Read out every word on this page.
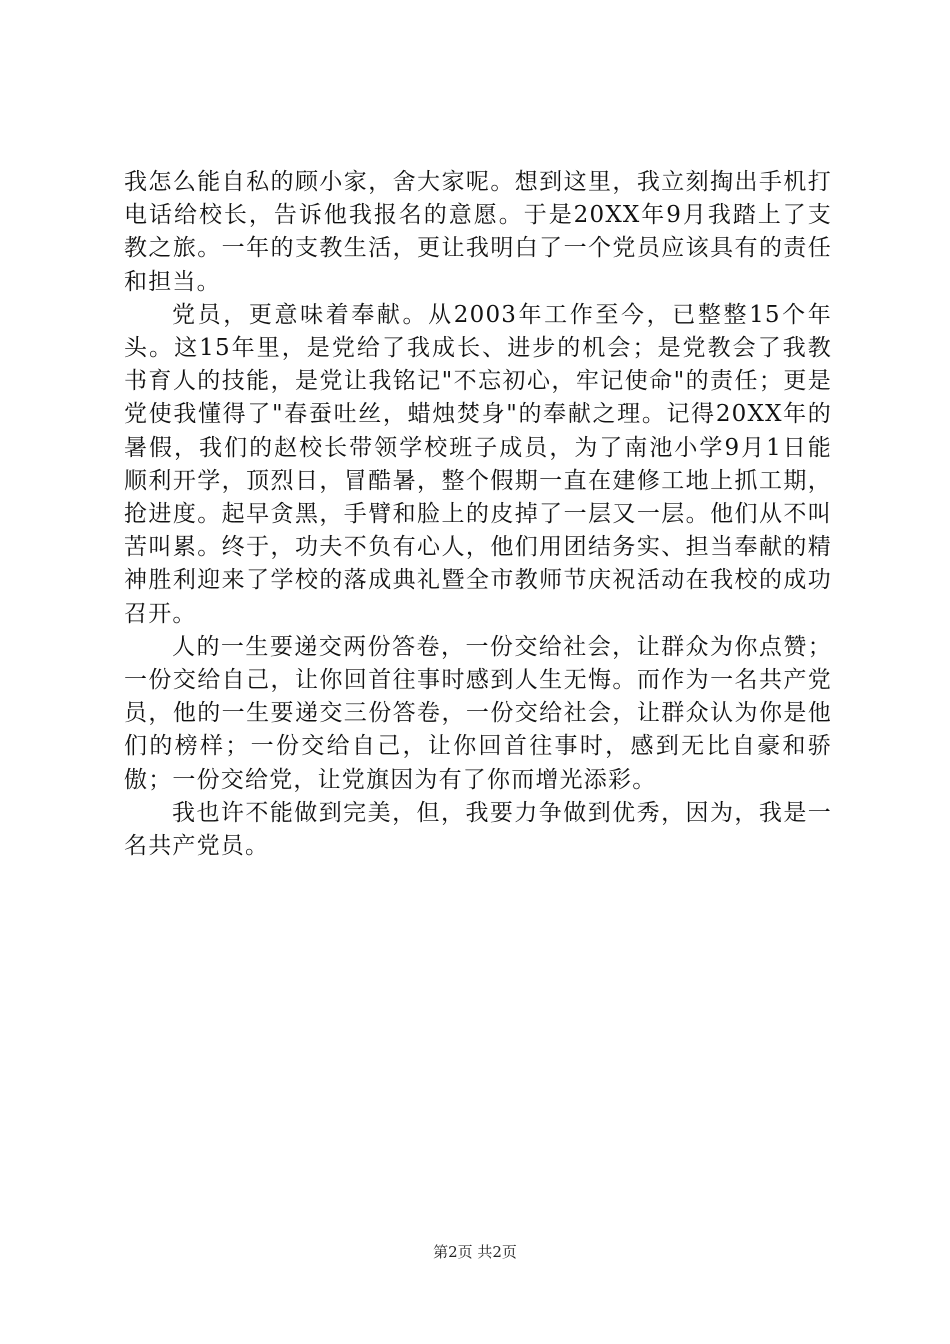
我怎么能自私的顾小家，舍大家呢。想到这里，我立刻掏出手机打电话给校长，告诉他我报名的意愿。于是20XX年9月我踏上了支教之旅。一年的支教生活，更让我明白了一个党员应该具有的责任和担当。

党员，更意味着奉献。从2003年工作至今，已整整15个年头。这15年里，是党给了我成长、进步的机会；是党教会了我教书育人的技能，是党让我铭记"不忘初心，牢记使命"的责任；更是党使我懂得了"春蚕吐丝，蜡烛焚身"的奉献之理。记得20XX年的暑假，我们的赵校长带领学校班子成员，为了南池小学9月1日能顺利开学，顶烈日，冒酷暑，整个假期一直在建修工地上抓工期，抢进度。起早贪黑，手臂和脸上的皮掉了一层又一层。他们从不叫苦叫累。终于，功夫不负有心人，他们用团结务实、担当奉献的精神胜利迎来了学校的落成典礼暨全市教师节庆祝活动在我校的成功召开。

人的一生要递交两份答卷，一份交给社会，让群众为你点赞；一份交给自己，让你回首往事时感到人生无悔。而作为一名共产党员，他的一生要递交三份答卷，一份交给社会，让群众认为你是他们的榜样；一份交给自己，让你回首往事时，感到无比自豪和骄傲；一份交给党，让党旗因为有了你而增光添彩。

我也许不能做到完美，但，我要力争做到优秀，因为，我是一名共产党员。

第2页 共2页
